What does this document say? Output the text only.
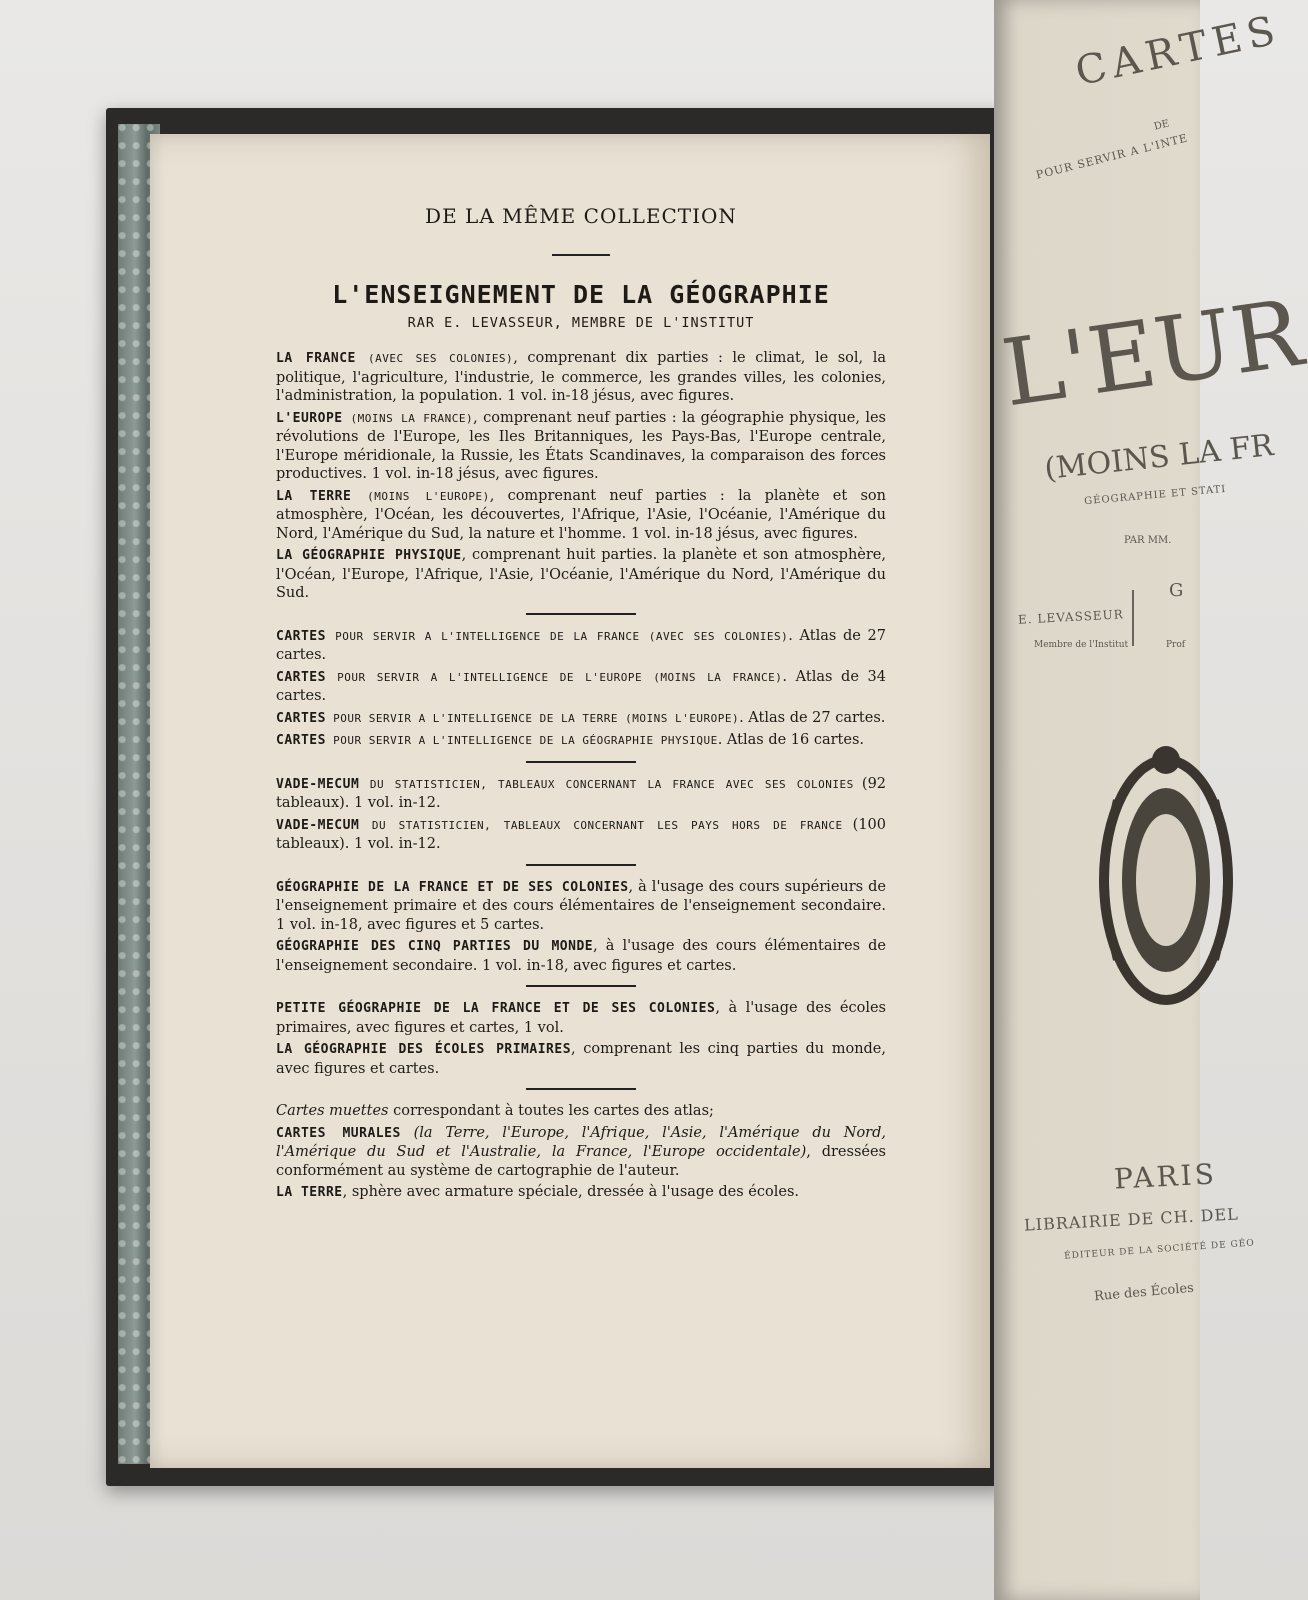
DE LA MÊME COLLECTION

L'ENSEIGNEMENT DE LA GÉOGRAPHIE

RAR E. LEVASSEUR, MEMBRE DE L'INSTITUT

LA FRANCE (AVEC SES COLONIES), comprenant dix parties : le climat, le sol, la politique, l'agriculture, l'industrie, le commerce, les grandes villes, les colonies, l'administration, la population. 1 vol. in-18 jésus, avec figures.

L'EUROPE (MOINS LA FRANCE), comprenant neuf parties : la géographie physique, les révolutions de l'Europe, les Iles Britanniques, les Pays-Bas, l'Europe centrale, l'Europe méridionale, la Russie, les États Scandinaves, la comparaison des forces productives. 1 vol. in-18 jésus, avec figures.

LA TERRE (MOINS L'EUROPE), comprenant neuf parties : la planète et son atmosphère, l'Océan, les découvertes, l'Afrique, l'Asie, l'Océanie, l'Amérique du Nord, l'Amérique du Sud, la nature et l'homme. 1 vol. in-18 jésus, avec figures.

LA GÉOGRAPHIE PHYSIQUE, comprenant huit parties. la planète et son atmosphère, l'Océan, l'Europe, l'Afrique, l'Asie, l'Océanie, l'Amérique du Nord, l'Amérique du Sud.

CARTES POUR SERVIR A L'INTELLIGENCE DE LA FRANCE (AVEC SES COLONIES). Atlas de 27 cartes.

CARTES POUR SERVIR A L'INTELLIGENCE DE L'EUROPE (MOINS LA FRANCE). Atlas de 34 cartes.

CARTES POUR SERVIR A L'INTELLIGENCE DE LA TERRE (MOINS L'EUROPE). Atlas de 27 cartes.

CARTES POUR SERVIR A L'INTELLIGENCE DE LA GÉOGRAPHIE PHYSIQUE. Atlas de 16 cartes.

VADE-MECUM DU STATISTICIEN, TABLEAUX CONCERNANT LA FRANCE AVEC SES COLONIES (92 tableaux). 1 vol. in-12.

VADE-MECUM DU STATISTICIEN, TABLEAUX CONCERNANT LES PAYS HORS DE FRANCE (100 tableaux). 1 vol. in-12.

GÉOGRAPHIE DE LA FRANCE ET DE SES COLONIES, à l'usage des cours supérieurs de l'enseignement primaire et des cours élémentaires de l'enseignement secondaire. 1 vol. in-18, avec figures et 5 cartes.

GÉOGRAPHIE DES CINQ PARTIES DU MONDE, à l'usage des cours élémentaires de l'enseignement secondaire. 1 vol. in-18, avec figures et cartes.

PETITE GÉOGRAPHIE DE LA FRANCE ET DE SES COLONIES, à l'usage des écoles primaires, avec figures et cartes, 1 vol.

LA GÉOGRAPHIE DES ÉCOLES PRIMAIRES, comprenant les cinq parties du monde, avec figures et cartes.

Cartes muettes correspondant à toutes les cartes des atlas;

CARTES MURALES (la Terre, l'Europe, l'Afrique, l'Asie, l'Amérique du Nord, l'Amérique du Sud et l'Australie, la France, l'Europe occidentale), dressées conformément au système de cartographie de l'auteur.

LA TERRE, sphère avec armature spéciale, dressée à l'usage des écoles.

CARTES
POUR SERVIR A L'INTE
DE
L'EUR
(MOINS LA FR
GÉOGRAPHIE ET STATI
PAR MM.
E. LEVASSEUR
G
Membre de l'Institut	Prof
PARIS
LIBRAIRIE DE CH. DEL
ÉDITEUR DE LA SOCIÉTÉ DE GÉO
Rue des Écoles
